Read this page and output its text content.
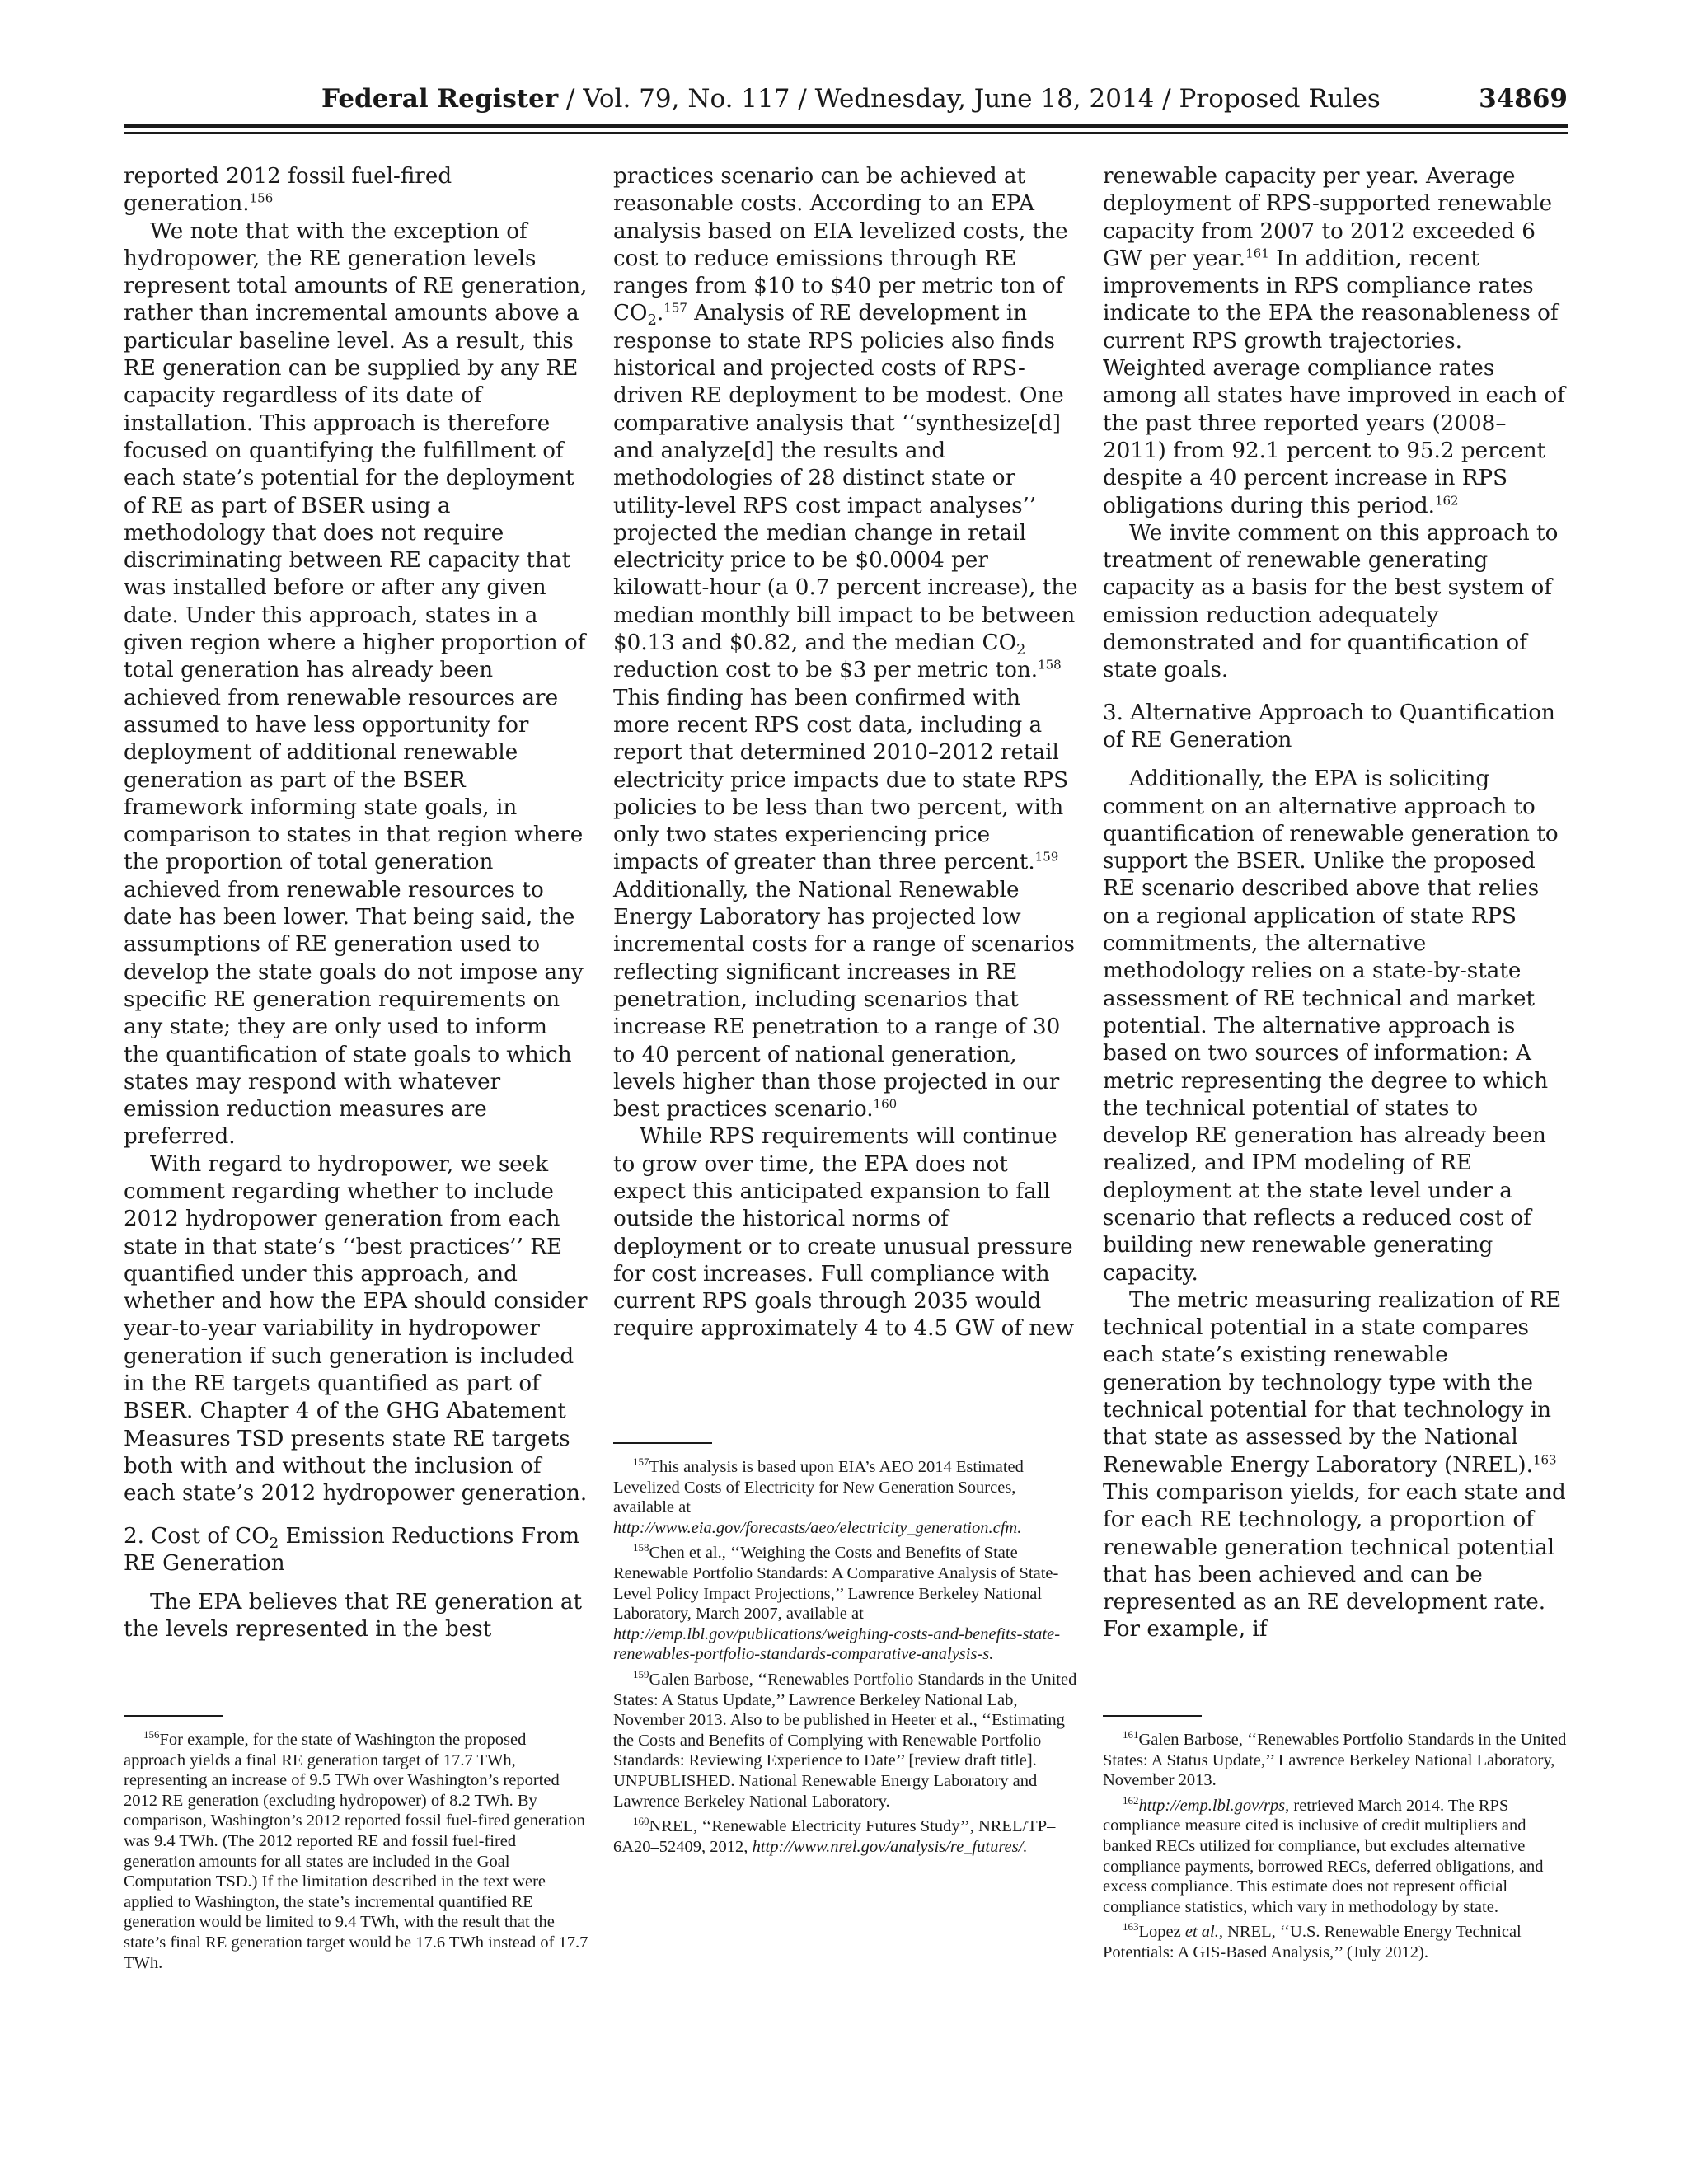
Federal Register / Vol. 79, No. 117 / Wednesday, June 18, 2014 / Proposed Rules	34869

reported 2012 fossil fuel-fired generation.$^{156}$

We note that with the exception of hydropower, the RE generation levels represent total amounts of RE generation, rather than incremental amounts above a particular baseline level. As a result, this RE generation can be supplied by any RE capacity regardless of its date of installation. This approach is therefore focused on quantifying the fulfillment of each state’s potential for the deployment of RE as part of BSER using a methodology that does not require discriminating between RE capacity that was installed before or after any given date. Under this approach, states in a given region where a higher proportion of total generation has already been achieved from renewable resources are assumed to have less opportunity for deployment of additional renewable generation as part of the BSER framework informing state goals, in comparison to states in that region where the proportion of total generation achieved from renewable resources to date has been lower. That being said, the assumptions of RE generation used to develop the state goals do not impose any specific RE generation requirements on any state; they are only used to inform the quantification of state goals to which states may respond with whatever emission reduction measures are preferred.

With regard to hydropower, we seek comment regarding whether to include 2012 hydropower generation from each state in that state’s ‘‘best practices’’ RE quantified under this approach, and whether and how the EPA should consider year-to-year variability in hydropower generation if such generation is included in the RE targets quantified as part of BSER. Chapter 4 of the GHG Abatement Measures TSD presents state RE targets both with and without the inclusion of each state’s 2012 hydropower generation.

2. Cost of $CO_2$ Emission Reductions From RE Generation

The EPA believes that RE generation at the levels represented in the best

$^{156}$For example, for the state of Washington the proposed approach yields a final RE generation target of 17.7 TWh, representing an increase of 9.5 TWh over Washington’s reported 2012 RE generation (excluding hydropower) of 8.2 TWh. By comparison, Washington’s 2012 reported fossil fuel-fired generation was 9.4 TWh. (The 2012 reported RE and fossil fuel-fired generation amounts for all states are included in the Goal Computation TSD.) If the limitation described in the text were applied to Washington, the state’s incremental quantified RE generation would be limited to 9.4 TWh, with the result that the state’s final RE generation target would be 17.6 TWh instead of 17.7 TWh.

practices scenario can be achieved at reasonable costs. According to an EPA analysis based on EIA levelized costs, the cost to reduce emissions through RE ranges from $10 to $40 per metric ton of $CO_2.^{157}$ Analysis of RE development in response to state RPS policies also finds historical and projected costs of RPS-driven RE deployment to be modest. One comparative analysis that ‘‘synthesize[d] and analyze[d] the results and methodologies of 28 distinct state or utility-level RPS cost impact analyses’’ projected the median change in retail electricity price to be $0.0004 per kilowatt-hour (a 0.7 percent increase), the median monthly bill impact to be between $0.13 and $0.82, and the median $CO_2$ reduction cost to be $3 per metric ton.$^{158}$ This finding has been confirmed with more recent RPS cost data, including a report that determined 2010–2012 retail electricity price impacts due to state RPS policies to be less than two percent, with only two states experiencing price impacts of greater than three percent.$^{159}$ Additionally, the National Renewable Energy Laboratory has projected low incremental costs for a range of scenarios reflecting significant increases in RE penetration, including scenarios that increase RE penetration to a range of 30 to 40 percent of national generation, levels higher than those projected in our best practices scenario.$^{160}$

While RPS requirements will continue to grow over time, the EPA does not expect this anticipated expansion to fall outside the historical norms of deployment or to create unusual pressure for cost increases. Full compliance with current RPS goals through 2035 would require approximately 4 to 4.5 GW of new

$^{157}$This analysis is based upon EIA’s AEO 2014 Estimated Levelized Costs of Electricity for New Generation Sources, available at http://www.eia.gov/forecasts/aeo/electricity_generation.cfm.

$^{158}$Chen et al., ‘‘Weighing the Costs and Benefits of State Renewable Portfolio Standards: A Comparative Analysis of State-Level Policy Impact Projections,’’ Lawrence Berkeley National Laboratory, March 2007, available at http://emp.lbl.gov/publications/weighing-costs-and-benefits-state-renewables-portfolio-standards-comparative-analysis-s.

$^{159}$Galen Barbose, ‘‘Renewables Portfolio Standards in the United States: A Status Update,’’ Lawrence Berkeley National Lab, November 2013. Also to be published in Heeter et al., ‘‘Estimating the Costs and Benefits of Complying with Renewable Portfolio Standards: Reviewing Experience to Date’’ [review draft title]. UNPUBLISHED. National Renewable Energy Laboratory and Lawrence Berkeley National Laboratory.

$^{160}$NREL, ‘‘Renewable Electricity Futures Study’’, NREL/TP–6A20–52409, 2012, http://www.nrel.gov/analysis/re_futures/.

renewable capacity per year. Average deployment of RPS-supported renewable capacity from 2007 to 2012 exceeded 6 GW per year.$^{161}$ In addition, recent improvements in RPS compliance rates indicate to the EPA the reasonableness of current RPS growth trajectories. Weighted average compliance rates among all states have improved in each of the past three reported years (2008–2011) from 92.1 percent to 95.2 percent despite a 40 percent increase in RPS obligations during this period.$^{162}$

We invite comment on this approach to treatment of renewable generating capacity as a basis for the best system of emission reduction adequately demonstrated and for quantification of state goals.

3. Alternative Approach to Quantification of RE Generation

Additionally, the EPA is soliciting comment on an alternative approach to quantification of renewable generation to support the BSER. Unlike the proposed RE scenario described above that relies on a regional application of state RPS commitments, the alternative methodology relies on a state-by-state assessment of RE technical and market potential. The alternative approach is based on two sources of information: A metric representing the degree to which the technical potential of states to develop RE generation has already been realized, and IPM modeling of RE deployment at the state level under a scenario that reflects a reduced cost of building new renewable generating capacity.

The metric measuring realization of RE technical potential in a state compares each state’s existing renewable generation by technology type with the technical potential for that technology in that state as assessed by the National Renewable Energy Laboratory (NREL).$^{163}$ This comparison yields, for each state and for each RE technology, a proportion of renewable generation technical potential that has been achieved and can be represented as an RE development rate. For example, if

$^{161}$Galen Barbose, ‘‘Renewables Portfolio Standards in the United States: A Status Update,’’ Lawrence Berkeley National Laboratory, November 2013.

$^{162}$http://emp.lbl.gov/rps, retrieved March 2014. The RPS compliance measure cited is inclusive of credit multipliers and banked RECs utilized for compliance, but excludes alternative compliance payments, borrowed RECs, deferred obligations, and excess compliance. This estimate does not represent official compliance statistics, which vary in methodology by state.

$^{163}$Lopez et al., NREL, ‘‘U.S. Renewable Energy Technical Potentials: A GIS-Based Analysis,’’ (July 2012).
